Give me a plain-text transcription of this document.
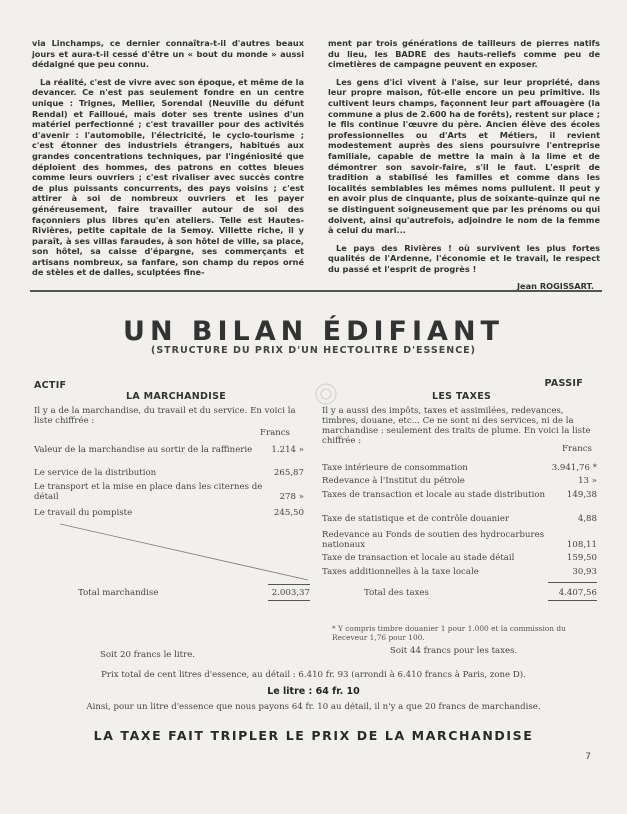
via Linchamps, ce dernier connaîtra-t-il d'autres beaux jours et aura-t-il cessé d'être un « bout du monde » aussi dédaigné que peu connu.

La réalité, c'est de vivre avec son époque, et même de la devancer. Ce n'est pas seulement fondre en un centre unique : Trignes, Mellier, Sorendal (Neuville du défunt Rendal) et Failloué, mais doter ses trente usines d'un matériel perfectionné ; c'est travailler pour des activités d'avenir : l'automobile, l'électricité, le cyclo-tourisme ; c'est étonner des industriels étrangers, habitués aux grandes concentrations techniques, par l'ingéniosité que déploient des hommes, des patrons en cottes bleues comme leurs ouvriers ; c'est rivaliser avec succès contre de plus puissants concurrents, des pays voisins ; c'est attirer à soi de nombreux ouvriers et les payer généreusement, faire travailler autour de soi des façonniers plus libres qu'en ateliers. Telle est Hautes-Rivières, petite capitale de la Semoy. Villette riche, il y paraît, à ses villas faraudes, à son hôtel de ville, sa place, son hôtel, sa caisse d'épargne, ses commerçants et artisans nombreux, sa fanfare, son champ du repos orné de stèles et de dalles, sculptées fine-

ment par trois générations de tailleurs de pierres natifs du lieu, les BADRE des hauts-reliefs comme peu de cimetières de campagne peuvent en exposer.

Les gens d'ici vivent à l'aise, sur leur propriété, dans leur propre maison, fût-elle encore un peu primitive. Ils cultivent leurs champs, façonnent leur part affouagère (la commune a plus de 2.600 ha de forêts), restent sur place ; le fils continue l'œuvre du père. Ancien élève des écoles professionnelles ou d'Arts et Métiers, il revient modestement auprès des siens poursuivre l'entreprise familiale, capable de mettre la main à la lime et de démontrer son savoir-faire, s'il le faut. L'esprit de tradition a stabilisé les familles et comme dans les localités semblables les mêmes noms pullulent. Il peut y en avoir plus de cinquante, plus de soixante-quinze qui ne se distinguent soigneusement que par les prénoms ou qui doivent, ainsi qu'autrefois, adjoindre le nom de la femme à celui du mari...

Le pays des Rivières ! où survivent les plus fortes qualités de l'Ardenne, l'économie et le travail, le respect du passé et l'esprit de progrès !

Jean ROGISSART.
UN BILAN ÉDIFIANT
(STRUCTURE DU PRIX D'UN HECTOLITRE D'ESSENCE)
ACTIF	PASSIF
LA MARCHANDISE	LES TAXES
Il y a de la marchandise, du travail et du service. En voici la liste chiffrée :
Francs
Valeur de la marchandise au sortir de la raffinerie	1.214 »
Le service de la distribution	265,87
Le transport et la mise en place dans les citernes de détail	278 »
Le travail du pompiste	245,50
Total marchandise	2.003,37
Il y a aussi des impôts, taxes et assimilées, redevances, timbres, douane, etc... Ce ne sont ni des services, ni de la marchandise : seulement des traits de plume. En voici la liste chiffrée :
Francs
Taxe intérieure de consommation	3.941,76 *
Redevance à l'Institut du pétrole	13 »
Taxes de transaction et locale au stade distribution	149,38
Taxe de statistique et de contrôle douanier	4,88
Redevance au Fonds de soutien des hydrocarbures nationaux	108,11
Taxe de transaction et locale au stade détail	159,50
Taxes additionnelles à la taxe locale	30,93
Total des taxes	4.407,56
* Y compris timbre douanier 1 pour 1.000 et la commission du Receveur 1,76 pour 100.
Soit 20 francs le litre.	Soit 44 francs pour les taxes.
Prix total de cent litres d'essence, au détail : 6.410 fr. 93 (arrondi à 6.410 francs à Paris, zone D).
Le litre : 64 fr. 10
Ainsi, pour un litre d'essence que nous payons 64 fr. 10 au détail, il n'y a que 20 francs de marchandise.
LA TAXE FAIT TRIPLER LE PRIX DE LA MARCHANDISE
7
